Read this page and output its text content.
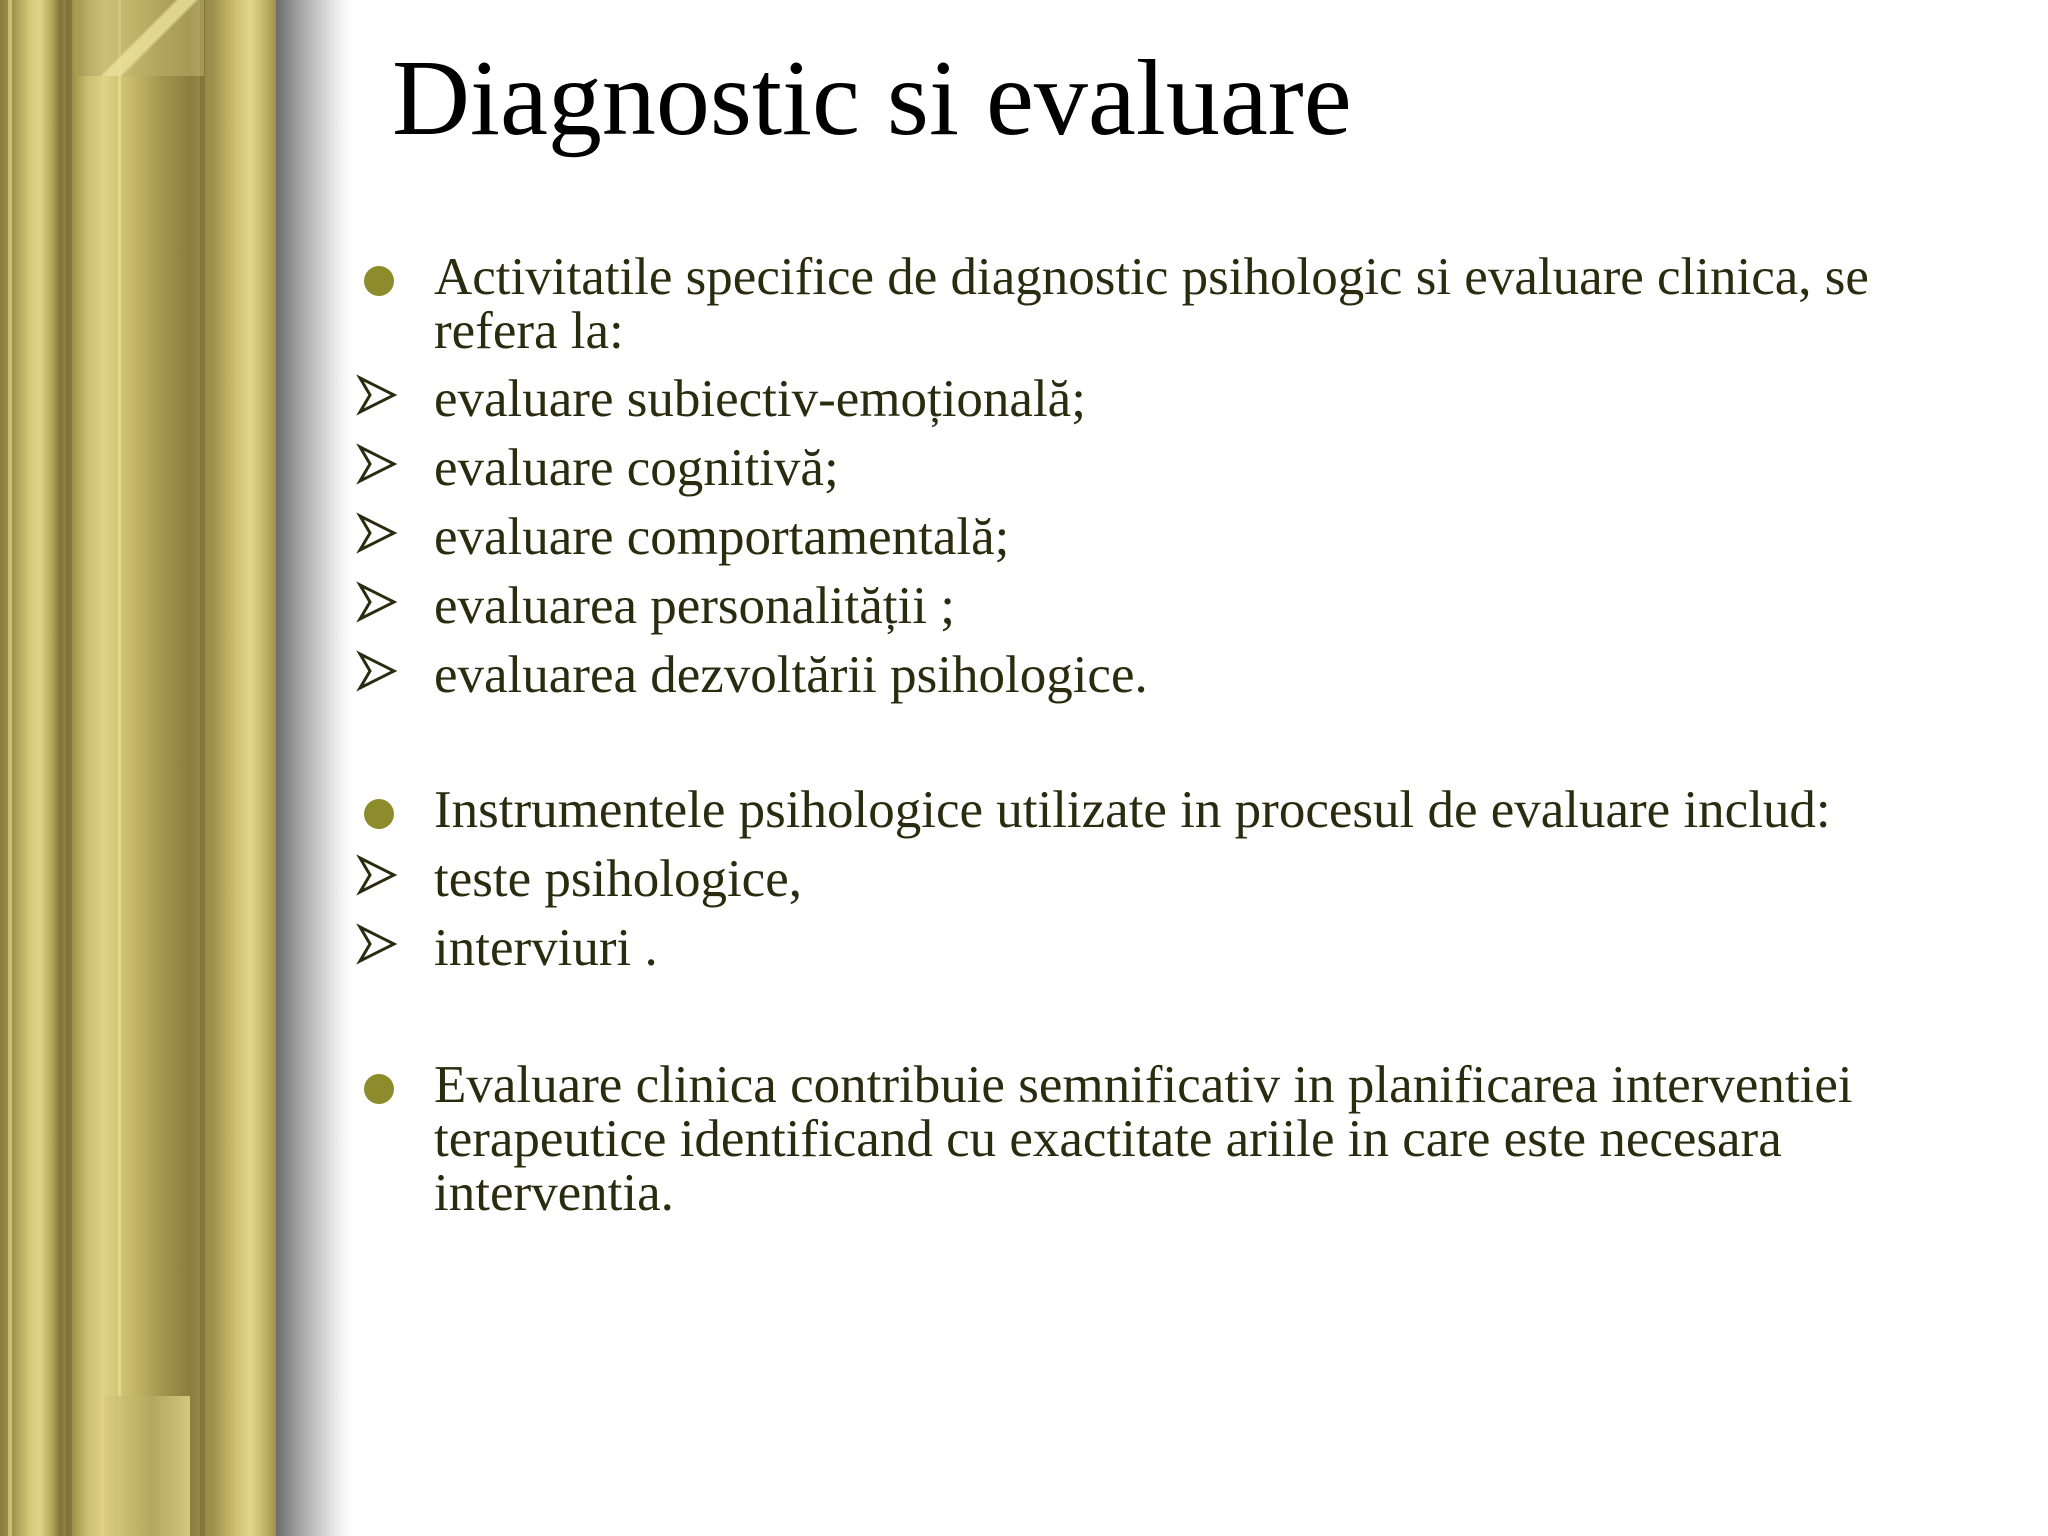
Diagnostic si evaluare
Activitatile specifice de diagnostic psihologic si evaluare clinica, se refera la:
evaluare subiectiv-emoțională;
evaluare cognitivă;
evaluare comportamentală;
evaluarea personalității ;
evaluarea dezvoltării psihologice.
Instrumentele psihologice utilizate in procesul de evaluare includ:
teste psihologice,
interviuri .
Evaluare clinica contribuie semnificativ in planificarea interventiei terapeutice identificand cu exactitate ariile in care este necesara interventia.
